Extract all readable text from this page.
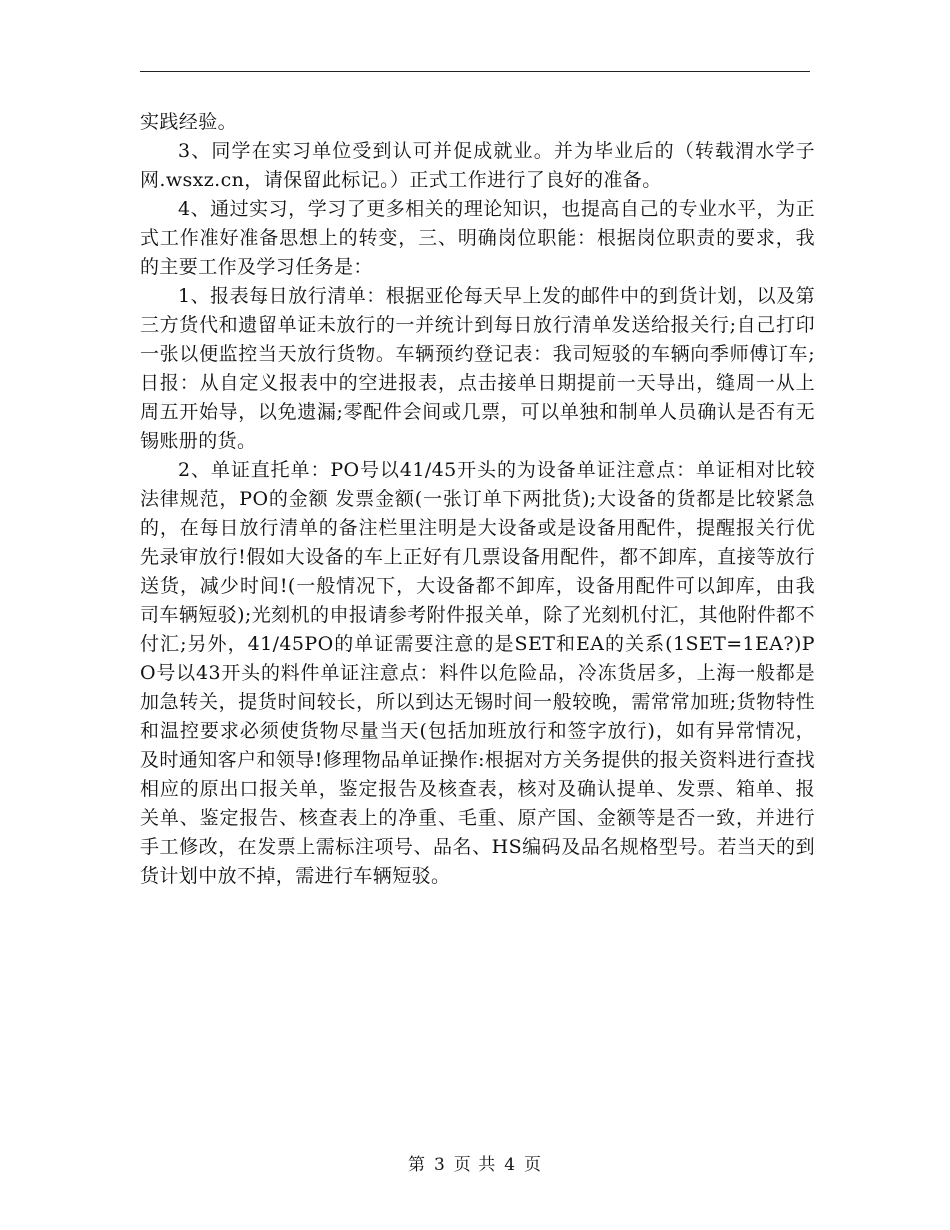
实践经验。

3、同学在实习单位受到认可并促成就业。并为毕业后的（转载渭水学子网.wsxz.cn，请保留此标记。）正式工作进行了良好的准备。

4、通过实习，学习了更多相关的理论知识，也提高自己的专业水平，为正式工作准好准备思想上的转变，三、明确岗位职能：根据岗位职责的要求，我的主要工作及学习任务是：

1、报表每日放行清单：根据亚伦每天早上发的邮件中的到货计划，以及第三方货代和遗留单证未放行的一并统计到每日放行清单发送给报关行;自己打印一张以便监控当天放行货物。车辆预约登记表：我司短驳的车辆向季师傅订车;日报：从自定义报表中的空进报表，点击接单日期提前一天导出，缝周一从上周五开始导，以免遗漏;零配件会间或几票，可以单独和制单人员确认是否有无锡账册的货。

2、单证直托单：PO号以41/45开头的为设备单证注意点：单证相对比较法律规范，PO的金额 发票金额(一张订单下两批货);大设备的货都是比较紧急的，在每日放行清单的备注栏里注明是大设备或是设备用配件，提醒报关行优先录审放行!假如大设备的车上正好有几票设备用配件，都不卸库，直接等放行送货，减少时间!(一般情况下，大设备都不卸库，设备用配件可以卸库，由我司车辆短驳);光刻机的申报请参考附件报关单，除了光刻机付汇，其他附件都不付汇;另外，41/45PO的单证需要注意的是SET和EA的关系(1SET=1EA?)PO号以43开头的料件单证注意点：料件以危险品，冷冻货居多，上海一般都是加急转关，提货时间较长，所以到达无锡时间一般较晚，需常常加班;货物特性和温控要求必须使货物尽量当天(包括加班放行和签字放行)，如有异常情况，及时通知客户和领导!修理物品单证操作:根据对方关务提供的报关资料进行查找相应的原出口报关单，鉴定报告及核查表，核对及确认提单、发票、箱单、报关单、鉴定报告、核查表上的净重、毛重、原产国、金额等是否一致，并进行手工修改，在发票上需标注项号、品名、HS编码及品名规格型号。若当天的到货计划中放不掉，需进行车辆短驳。

第 3 页 共 4 页
